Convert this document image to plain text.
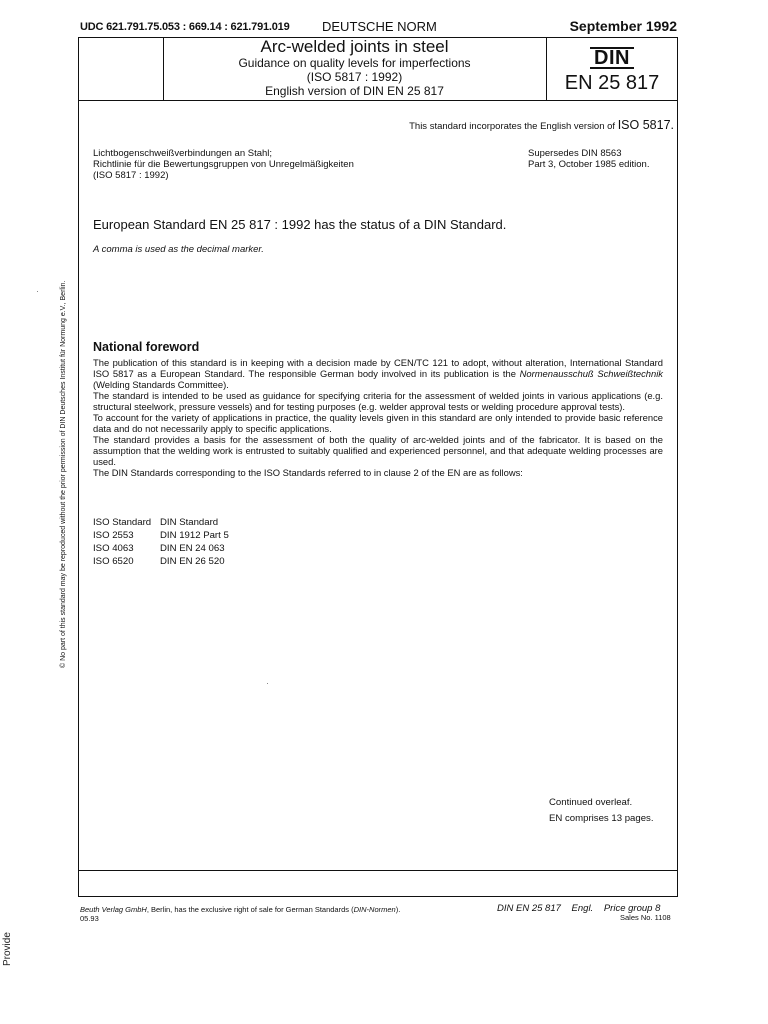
UDC 621.791.75.053 : 669.14 : 621.791.019 DEUTSCHE NORM	September 1992
Arc-welded joints in steel
Guidance on quality levels for imperfections
(ISO 5817 : 1992)
English version of DIN EN 25 817
DIN
EN 25 817
This standard incorporates the English version of ISO 5817.
Lichtbogenschweißverbindungen an Stahl;
Richtlinie für die Bewertungsgruppen von Unregelmäßigkeiten
(ISO 5817 : 1992)
Supersedes DIN 8563
Part 3, October 1985 edition.
European Standard EN 25 817 : 1992 has the status of a DIN Standard.
A comma is used as the decimal marker.
National foreword

The publication of this standard is in keeping with a decision made by CEN/TC 121 to adopt, without alteration, International Standard ISO 5817 as a European Standard. The responsible German body involved in its publication is the Normenausschuß Schweißtechnik (Welding Standards Committee).

The standard is intended to be used as guidance for specifying criteria for the assessment of welded joints in various applications (e.g. structural steelwork, pressure vessels) and for testing purposes (e.g. welder approval tests or welding procedure approval tests).

To account for the variety of applications in practice, the quality levels given in this standard are only intended to provide basic reference data and do not necessarily apply to specific applications.

The standard provides a basis for the assessment of both the quality of arc-welded joints and of the fabricator. It is based on the assumption that the welding work is entrusted to suitably qualified and experienced personnel, and that adequate welding processes are used.

The DIN Standards corresponding to the ISO Standards referred to in clause 2 of the EN are as follows:

ISO Standard	DIN Standard
ISO 2553	DIN 1912 Part 5
ISO 4063	DIN EN 24 063
ISO 6520	DIN EN 26 520
Continued overleaf.
EN comprises 13 pages.
© No part of this standard may be reproduced without the prior permission of DIN Deutsches Institut für Normung e.V., Berlin.
Beuth Verlag GmbH, Berlin, has the exclusive right of sale for German Standards (DIN-Normen).
05.93
DIN EN 25 817 Engl. Price group 8
Sales No. 1108
Provide
